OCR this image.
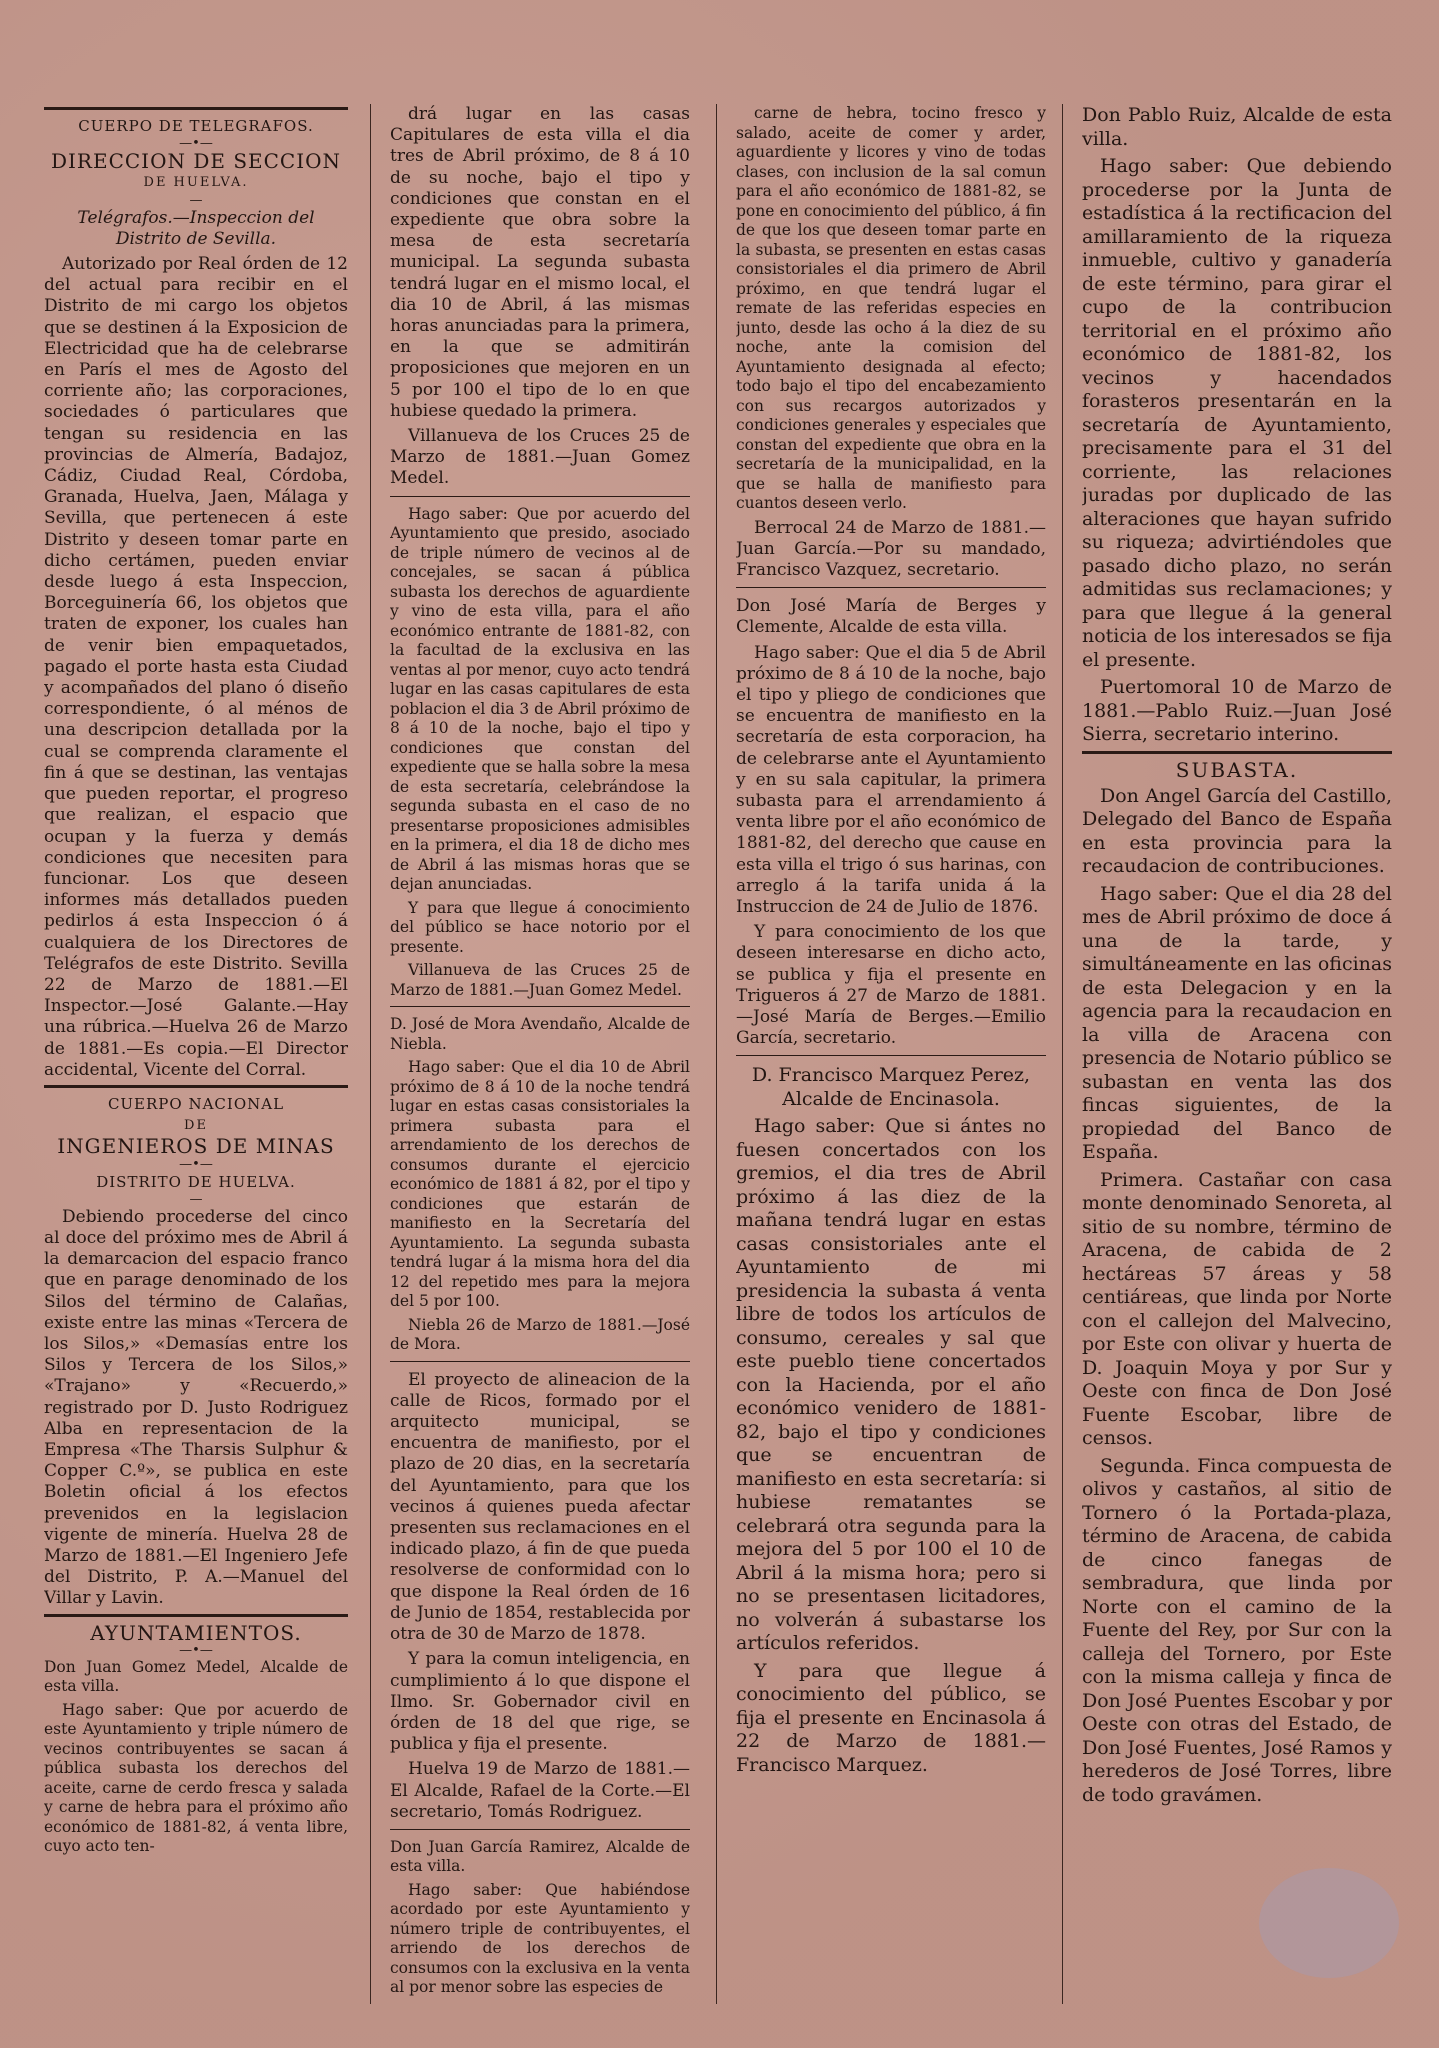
CUERPO DE TELEGRAFOS.
—•—
DIRECCION DE SECCION
DE HUELVA.
—

Telégrafos.—Inspeccion del Distrito de Sevilla.

Autorizado por Real órden de 12 del actual para recibir en el Distrito de mi cargo los objetos que se destinen á la Exposicion de Electricidad que ha de celebrarse en París el mes de Agosto del corriente año; las corporaciones, sociedades ó particulares que tengan su residencia en las provincias de Almería, Badajoz, Cádiz, Ciudad Real, Córdoba, Granada, Huelva, Jaen, Málaga y Sevilla, que pertenecen á este Distrito y deseen tomar parte en dicho certámen, pueden enviar desde luego á esta Inspeccion, Borceguinería 66, los objetos que traten de exponer, los cuales han de venir bien empaquetados, pagado el porte hasta esta Ciudad y acompañados del plano ó diseño correspondiente, ó al ménos de una descripcion detallada por la cual se comprenda claramente el fin á que se destinan, las ventajas que pueden reportar, el progreso que realizan, el espacio que ocupan y la fuerza y demás condiciones que necesiten para funcionar. Los que deseen informes más detallados pueden pedirlos á esta Inspeccion ó á cualquiera de los Directores de Telégrafos de este Distrito. Sevilla 22 de Marzo de 1881.—El Inspector.—José Galante.—Hay una rúbrica.—Huelva 26 de Marzo de 1881.—Es copia.—El Director accidental, Vicente del Corral.

CUERPO NACIONAL
DE
INGENIEROS DE MINAS
—•—
DISTRITO DE HUELVA.
—

Debiendo procederse del cinco al doce del próximo mes de Abril á la demarcacion del espacio franco que en parage denominado de los Silos del término de Calañas, existe entre las minas «Tercera de los Silos,» «Demasías entre los Silos y Tercera de los Silos,» «Trajano» y «Recuerdo,» registrado por D. Justo Rodriguez Alba en representacion de la Empresa «The Tharsis Sulphur & Copper C.º», se publica en este Boletin oficial á los efectos prevenidos en la legislacion vigente de minería. Huelva 28 de Marzo de 1881.—El Ingeniero Jefe del Distrito, P. A.—Manuel del Villar y Lavin.

AYUNTAMIENTOS.
—•—

Don Juan Gomez Medel, Alcalde de esta villa.

Hago saber: Que por acuerdo de este Ayuntamiento y triple número de vecinos contribuyentes se sacan á pública subasta los derechos del aceite, carne de cerdo fresca y salada y carne de hebra para el próximo año económico de 1881-82, á venta libre, cuyo acto ten-

drá lugar en las casas Capitulares de esta villa el dia tres de Abril próximo, de 8 á 10 de su noche, bajo el tipo y condiciones que constan en el expediente que obra sobre la mesa de esta secretaría municipal. La segunda subasta tendrá lugar en el mismo local, el dia 10 de Abril, á las mismas horas anunciadas para la primera, en la que se admitirán proposiciones que mejoren en un 5 por 100 el tipo de lo en que hubiese quedado la primera.

Villanueva de los Cruces 25 de Marzo de 1881.—Juan Gomez Medel.

Hago saber: Que por acuerdo del Ayuntamiento que presido, asociado de triple número de vecinos al de concejales, se sacan á pública subasta los derechos de aguardiente y vino de esta villa, para el año económico entrante de 1881-82, con la facultad de la exclusiva en las ventas al por menor, cuyo acto tendrá lugar en las casas capitulares de esta poblacion el dia 3 de Abril próximo de 8 á 10 de la noche, bajo el tipo y condiciones que constan del expediente que se halla sobre la mesa de esta secretaría, celebrándose la segunda subasta en el caso de no presentarse proposiciones admisibles en la primera, el dia 18 de dicho mes de Abril á las mismas horas que se dejan anunciadas.

Y para que llegue á conocimiento del público se hace notorio por el presente.

Villanueva de las Cruces 25 de Marzo de 1881.—Juan Gomez Medel.

D. José de Mora Avendaño, Alcalde de Niebla.

Hago saber: Que el dia 10 de Abril próximo de 8 á 10 de la noche tendrá lugar en estas casas consistoriales la primera subasta para el arrendamiento de los derechos de consumos durante el ejercicio económico de 1881 á 82, por el tipo y condiciones que estarán de manifiesto en la Secretaría del Ayuntamiento. La segunda subasta tendrá lugar á la misma hora del dia 12 del repetido mes para la mejora del 5 por 100.

Niebla 26 de Marzo de 1881.—José de Mora.

El proyecto de alineacion de la calle de Ricos, formado por el arquitecto municipal, se encuentra de manifiesto, por el plazo de 20 dias, en la secretaría del Ayuntamiento, para que los vecinos á quienes pueda afectar presenten sus reclamaciones en el indicado plazo, á fin de que pueda resolverse de conformidad con lo que dispone la Real órden de 16 de Junio de 1854, restablecida por otra de 30 de Marzo de 1878.

Y para la comun inteligencia, en cumplimiento á lo que dispone el Ilmo. Sr. Gobernador civil en órden de 18 del que rige, se publica y fija el presente.

Huelva 19 de Marzo de 1881.—El Alcalde, Rafael de la Corte.—El secretario, Tomás Rodriguez.

Don Juan García Ramirez, Alcalde de esta villa.

Hago saber: Que habiéndose acordado por este Ayuntamiento y número triple de contribuyentes, el arriendo de los derechos de consumos con la exclusiva en la venta al por menor sobre las especies de

carne de hebra, tocino fresco y salado, aceite de comer y arder, aguardiente y licores y vino de todas clases, con inclusion de la sal comun para el año económico de 1881-82, se pone en conocimiento del público, á fin de que los que deseen tomar parte en la subasta, se presenten en estas casas consistoriales el dia primero de Abril próximo, en que tendrá lugar el remate de las referidas especies en junto, desde las ocho á la diez de su noche, ante la comision del Ayuntamiento designada al efecto; todo bajo el tipo del encabezamiento con sus recargos autorizados y condiciones generales y especiales que constan del expediente que obra en la secretaría de la municipalidad, en la que se halla de manifiesto para cuantos deseen verlo.

Berrocal 24 de Marzo de 1881.—Juan García.—Por su mandado, Francisco Vazquez, secretario.

Don José María de Berges y Clemente, Alcalde de esta villa.

Hago saber: Que el dia 5 de Abril próximo de 8 á 10 de la noche, bajo el tipo y pliego de condiciones que se encuentra de manifiesto en la secretaría de esta corporacion, ha de celebrarse ante el Ayuntamiento y en su sala capitular, la primera subasta para el arrendamiento á venta libre por el año económico de 1881-82, del derecho que cause en esta villa el trigo ó sus harinas, con arreglo á la tarifa unida á la Instruccion de 24 de Julio de 1876.

Y para conocimiento de los que deseen interesarse en dicho acto, se publica y fija el presente en Trigueros á 27 de Marzo de 1881.—José María de Berges.—Emilio García, secretario.

D. Francisco Marquez Perez, Alcalde de Encinasola.

Hago saber: Que si ántes no fuesen concertados con los gremios, el dia tres de Abril próximo á las diez de la mañana tendrá lugar en estas casas consistoriales ante el Ayuntamiento de mi presidencia la subasta á venta libre de todos los artículos de consumo, cereales y sal que este pueblo tiene concertados con la Hacienda, por el año económico venidero de 1881-82, bajo el tipo y condiciones que se encuentran de manifiesto en esta secretaría: si hubiese rematantes se celebrará otra segunda para la mejora del 5 por 100 el 10 de Abril á la misma hora; pero si no se presentasen licitadores, no volverán á subastarse los artículos referidos.

Y para que llegue á conocimiento del público, se fija el presente en Encinasola á 22 de Marzo de 1881.—Francisco Marquez.

Don Pablo Ruiz, Alcalde de esta villa.

Hago saber: Que debiendo procederse por la Junta de estadística á la rectificacion del amillaramiento de la riqueza inmueble, cultivo y ganadería de este término, para girar el cupo de la contribucion territorial en el próximo año económico de 1881-82, los vecinos y hacendados forasteros presentarán en la secretaría de Ayuntamiento, precisamente para el 31 del corriente, las relaciones juradas por duplicado de las alteraciones que hayan sufrido su riqueza; advirtiéndoles que pasado dicho plazo, no serán admitidas sus reclamaciones; y para que llegue á la general noticia de los interesados se fija el presente.

Puertomoral 10 de Marzo de 1881.—Pablo Ruiz.—Juan José Sierra, secretario interino.

SUBASTA.

Don Angel García del Castillo, Delegado del Banco de España en esta provincia para la recaudacion de contribuciones.

Hago saber: Que el dia 28 del mes de Abril próximo de doce á una de la tarde, y simultáneamente en las oficinas de esta Delegacion y en la agencia para la recaudacion en la villa de Aracena con presencia de Notario público se subastan en venta las dos fincas siguientes, de la propiedad del Banco de España.

Primera. Castañar con casa monte denominado Senoreta, al sitio de su nombre, término de Aracena, de cabida de 2 hectáreas 57 áreas y 58 centiáreas, que linda por Norte con el callejon del Malvecino, por Este con olivar y huerta de D. Joaquin Moya y por Sur y Oeste con finca de Don José Fuente Escobar, libre de censos.

Segunda. Finca compuesta de olivos y castaños, al sitio de Tornero ó la Portada-plaza, término de Aracena, de cabida de cinco fanegas de sembradura, que linda por Norte con el camino de la Fuente del Rey, por Sur con la calleja del Tornero, por Este con la misma calleja y finca de Don José Puentes Escobar y por Oeste con otras del Estado, de Don José Fuentes, José Ramos y herederos de José Torres, libre de todo gravámen.
